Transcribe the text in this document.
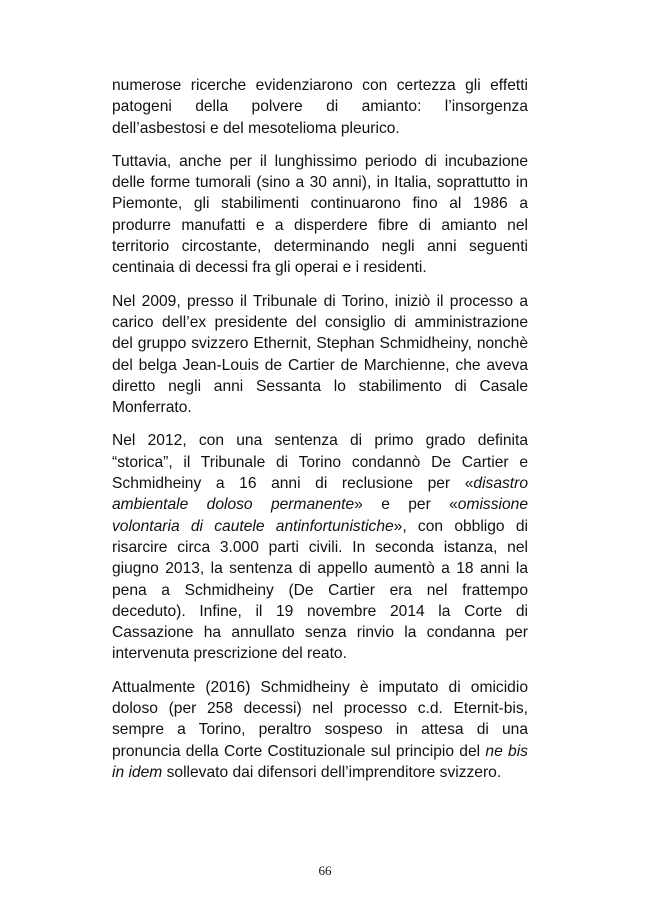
numerose ricerche evidenziarono con certezza gli effetti patogeni della polvere di amianto: l’insorgenza dell’asbestosi e del mesotelioma pleurico.

Tuttavia, anche per il lunghissimo periodo di incubazione delle forme tumorali (sino a 30 anni), in Italia, soprattutto in Piemonte, gli stabilimenti continuarono fino al 1986 a produrre manufatti e a disperdere fibre di amianto nel territorio circostante, determinando negli anni seguenti centinaia di decessi fra gli operai e i residenti.

Nel 2009, presso il Tribunale di Torino, iniziò il processo a carico dell’ex presidente del consiglio di amministrazione del gruppo svizzero Ethernit, Stephan Schmidheiny, nonchè del belga Jean-Louis de Cartier de Marchienne, che aveva diretto negli anni Sessanta lo stabilimento di Casale Monferrato.

Nel 2012, con una sentenza di primo grado definita “storica”, il Tribunale di Torino condannò De Cartier e Schmidheiny a 16 anni di reclusione per «disastro ambientale doloso permanente» e per «omissione volontaria di cautele antinfortunistiche», con obbligo di risarcire circa 3.000 parti civili. In seconda istanza, nel giugno 2013, la sentenza di appello aumentò a 18 anni la pena a Schmidheiny (De Cartier era nel frattempo deceduto). Infine, il 19 novembre 2014 la Corte di Cassazione ha annullato senza rinvio la condanna per intervenuta prescrizione del reato.

Attualmente (2016) Schmidheiny è imputato di omicidio doloso (per 258 decessi) nel processo c.d. Eternit-bis, sempre a Torino, peraltro sospeso in attesa di una pronuncia della Corte Costituzionale sul principio del ne bis in idem sollevato dai difensori dell’imprenditore svizzero.

66
